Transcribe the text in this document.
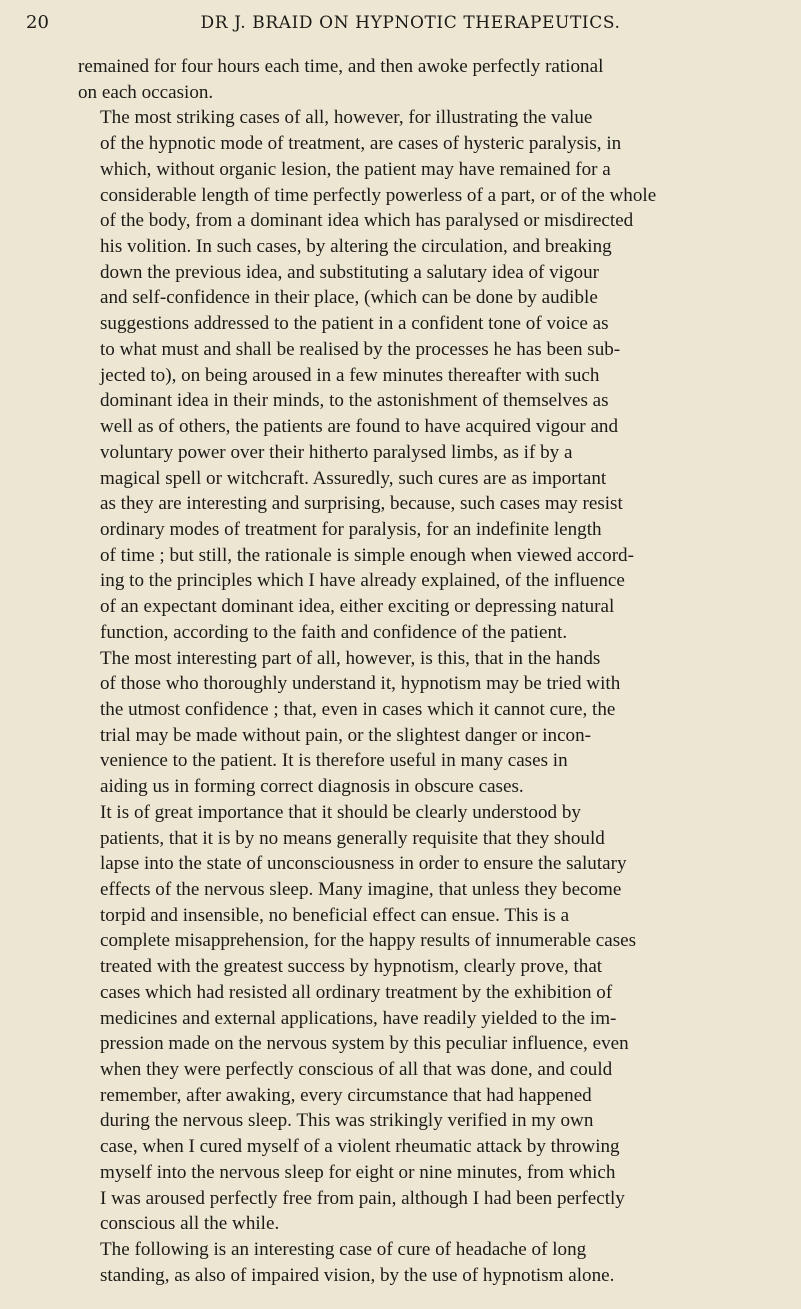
20	DR J. BRAID ON HYPNOTIC THERAPEUTICS.

remained for four hours each time, and then awoke perfectly rational
on each occasion.

The most striking cases of all, however, for illustrating the value
of the hypnotic mode of treatment, are cases of hysteric paralysis, in
which, without organic lesion, the patient may have remained for a
considerable length of time perfectly powerless of a part, or of the whole
of the body, from a dominant idea which has paralysed or misdirected
his volition. In such cases, by altering the circulation, and breaking
down the previous idea, and substituting a salutary idea of vigour
and self-confidence in their place, (which can be done by audible
suggestions addressed to the patient in a confident tone of voice as
to what must and shall be realised by the processes he has been sub-
jected to), on being aroused in a few minutes thereafter with such
dominant idea in their minds, to the astonishment of themselves as
well as of others, the patients are found to have acquired vigour and
voluntary power over their hitherto paralysed limbs, as if by a
magical spell or witchcraft. Assuredly, such cures are as important
as they are interesting and surprising, because, such cases may resist
ordinary modes of treatment for paralysis, for an indefinite length
of time ; but still, the rationale is simple enough when viewed accord-
ing to the principles which I have already explained, of the influence
of an expectant dominant idea, either exciting or depressing natural
function, according to the faith and confidence of the patient.

The most interesting part of all, however, is this, that in the hands
of those who thoroughly understand it, hypnotism may be tried with
the utmost confidence ; that, even in cases which it cannot cure, the
trial may be made without pain, or the slightest danger or incon-
venience to the patient. It is therefore useful in many cases in
aiding us in forming correct diagnosis in obscure cases.

It is of great importance that it should be clearly understood by
patients, that it is by no means generally requisite that they should
lapse into the state of unconsciousness in order to ensure the salutary
effects of the nervous sleep. Many imagine, that unless they become
torpid and insensible, no beneficial effect can ensue. This is a
complete misapprehension, for the happy results of innumerable cases
treated with the greatest success by hypnotism, clearly prove, that
cases which had resisted all ordinary treatment by the exhibition of
medicines and external applications, have readily yielded to the im-
pression made on the nervous system by this peculiar influence, even
when they were perfectly conscious of all that was done, and could
remember, after awaking, every circumstance that had happened
during the nervous sleep. This was strikingly verified in my own
case, when I cured myself of a violent rheumatic attack by throwing
myself into the nervous sleep for eight or nine minutes, from which
I was aroused perfectly free from pain, although I had been perfectly
conscious all the while.

The following is an interesting case of cure of headache of long
standing, as also of impaired vision, by the use of hypnotism alone.
